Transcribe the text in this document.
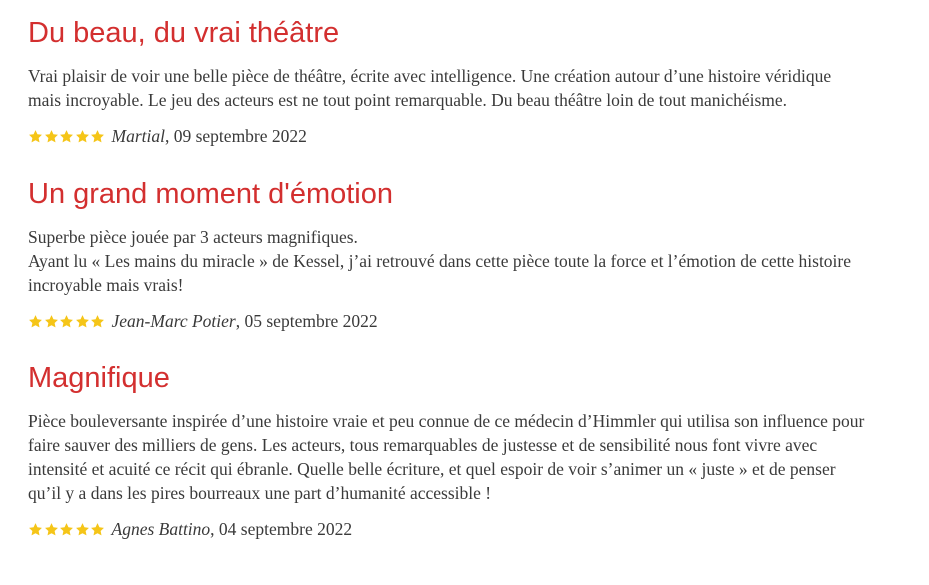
Du beau, du vrai théâtre

Vrai plaisir de voir une belle pièce de théâtre, écrite avec intelligence. Une création autour d’une histoire véridique
mais incroyable. Le jeu des acteurs est ne tout point remarquable. Du beau théâtre loin de tout manichéisme.

Martial , 09 septembre 2022
Un grand moment d'émotion

Superbe pièce jouée par 3 acteurs magnifiques.
Ayant lu « Les mains du miracle » de Kessel, j’ai retrouvé dans cette pièce toute la force et l’émotion de cette histoire
incroyable mais vrais!

Jean-Marc Potier , 05 septembre 2022
Magnifique

Pièce bouleversante inspirée d’une histoire vraie et peu connue de ce médecin d’Himmler qui utilisa son influence pour
faire sauver des milliers de gens. Les acteurs, tous remarquables de justesse et de sensibilité nous font vivre avec
intensité et acuité ce récit qui ébranle. Quelle belle écriture, et quel espoir de voir s’animer un « juste » et de penser
qu’il y a dans les pires bourreaux une part d’humanité accessible !

Agnes Battino , 04 septembre 2022
